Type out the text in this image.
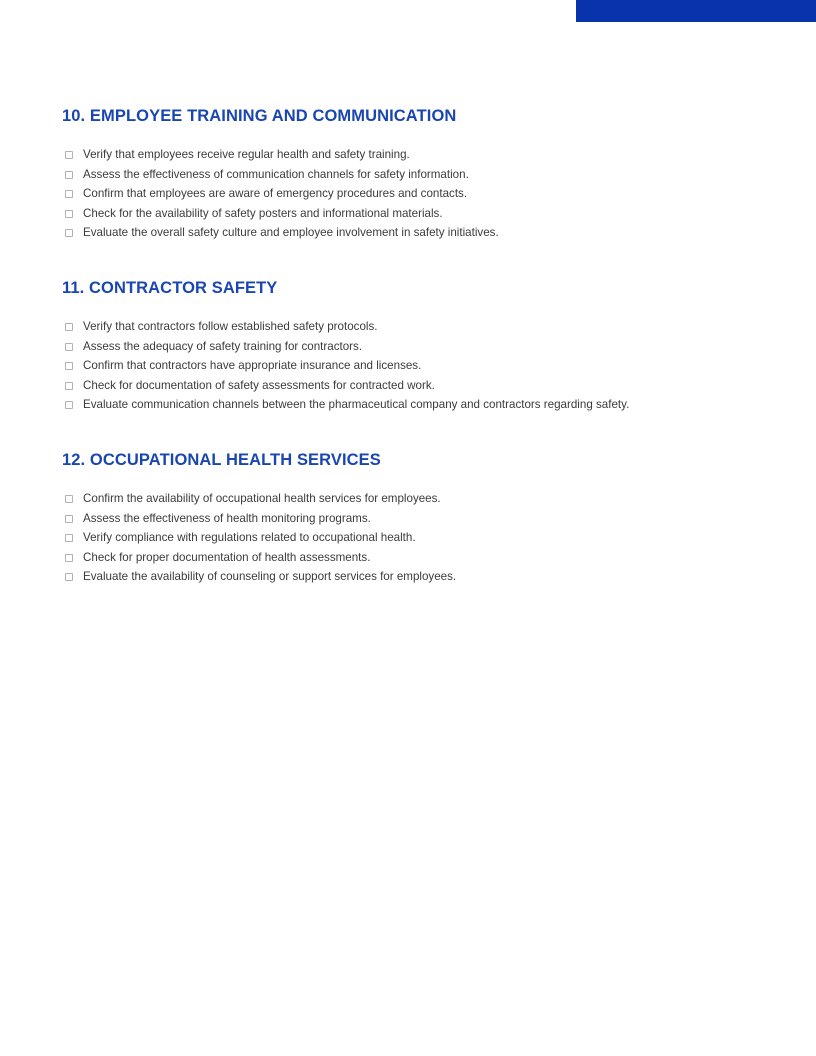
10. EMPLOYEE TRAINING AND COMMUNICATION
Verify that employees receive regular health and safety training.
Assess the effectiveness of communication channels for safety information.
Confirm that employees are aware of emergency procedures and contacts.
Check for the availability of safety posters and informational materials.
Evaluate the overall safety culture and employee involvement in safety initiatives.
11. CONTRACTOR SAFETY
Verify that contractors follow established safety protocols.
Assess the adequacy of safety training for contractors.
Confirm that contractors have appropriate insurance and licenses.
Check for documentation of safety assessments for contracted work.
Evaluate communication channels between the pharmaceutical company and contractors regarding safety.
12. OCCUPATIONAL HEALTH SERVICES
Confirm the availability of occupational health services for employees.
Assess the effectiveness of health monitoring programs.
Verify compliance with regulations related to occupational health.
Check for proper documentation of health assessments.
Evaluate the availability of counseling or support services for employees.
